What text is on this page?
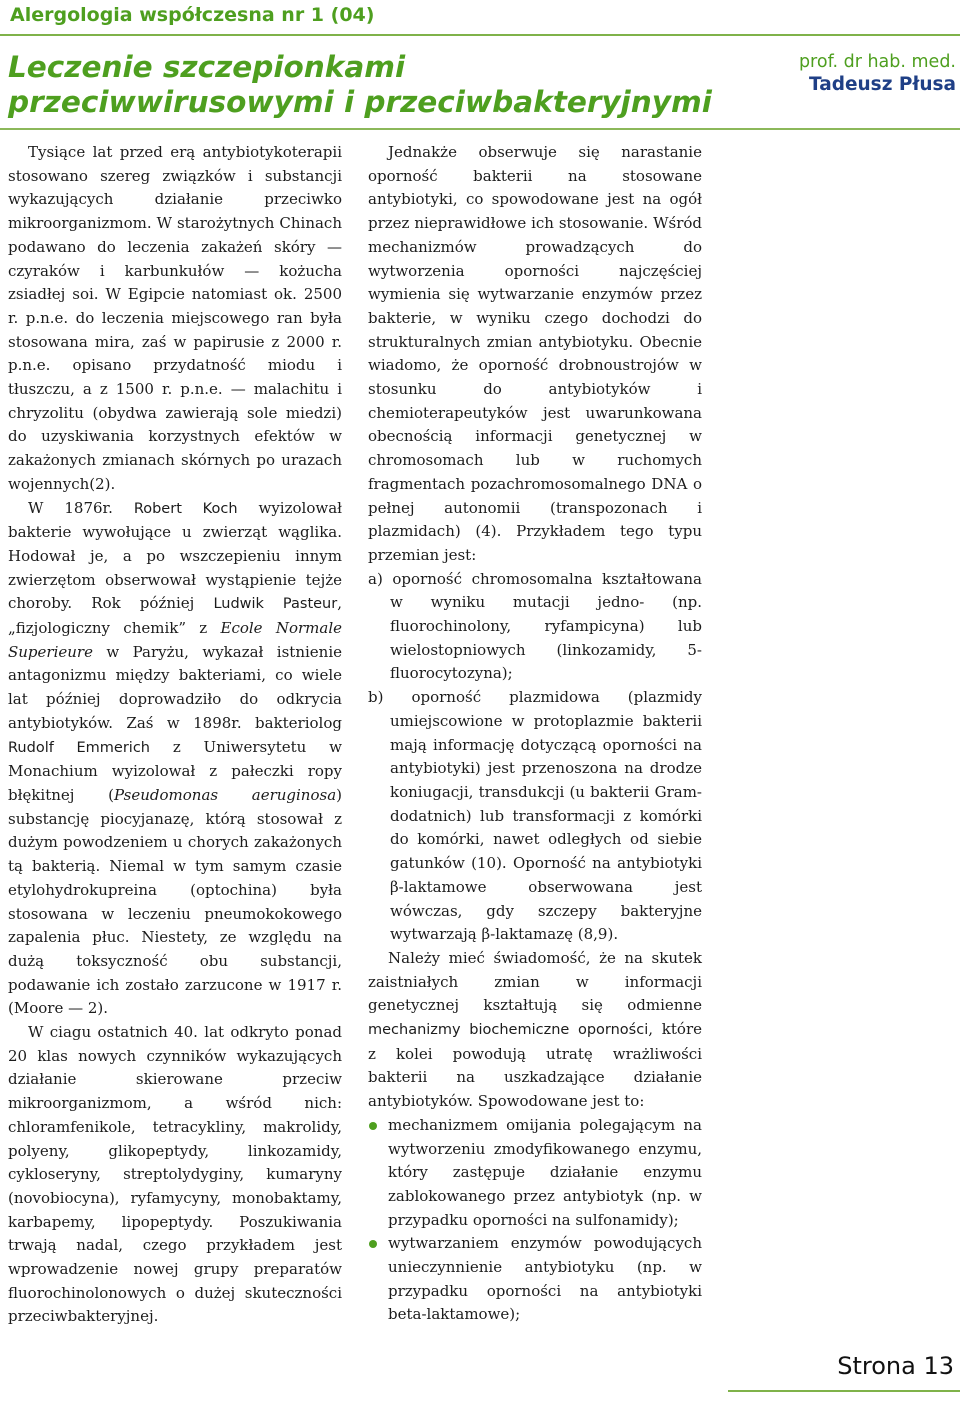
Alergologia współczesna nr 1 (04)
Leczenie szczepionkami
przeciwwirusowymi i przeciwbakteryjnymi
prof. dr hab. med.
Tadeusz Płusa

Tysiące lat przed erą antybiotykoterapii stosowano szereg związków i substancji wykazujących działanie przeciwko mikroorganizmom. W starożytnych Chinach podawano do leczenia zakażeń skóry — czyraków i karbunkułów — kożucha zsiadłej soi. W Egipcie natomiast ok. 2500 r. p.n.e. do leczenia miejscowego ran była stosowana mira, zaś w papirusie z 2000 r. p.n.e. opisano przydatność miodu i tłuszczu, a z 1500 r. p.n.e. — malachitu i chryzolitu (obydwa zawierają sole miedzi) do uzyskiwania korzystnych efektów w zakażonych zmianach skórnych po urazach wojennych(2).

W 1876r. Robert Koch wyizolował bakterie wywołujące u zwierząt wąglika. Hodował je, a po wszczepieniu innym zwierzętom obserwował wystąpienie tejże choroby. Rok później Ludwik Pasteur, „fizjologiczny chemik” z Ecole Normale Superieure w Paryżu, wykazał istnienie antagonizmu między bakteriami, co wiele lat później doprowadziło do odkrycia antybiotyków. Zaś w 1898r. bakteriolog Rudolf Emmerich z Uniwersytetu w Monachium wyizolował z pałeczki ropy błękitnej (Pseudomonas aeruginosa) substancję piocyjanazę, którą stosował z dużym powodzeniem u chorych zakażonych tą bakterią. Niemal w tym samym czasie etylohydrokupreina (optochina) była stosowana w leczeniu pneumokokowego zapalenia płuc. Niestety, ze względu na dużą toksyczność obu substancji, podawanie ich zostało zarzucone w 1917 r. (Moore — 2).

W ciagu ostatnich 40. lat odkryto ponad 20 klas nowych czynników wykazujących działanie skierowane przeciw mikroorganizmom, a wśród nich: chloramfenikole, tetracykliny, makrolidy, polyeny, glikopeptydy, linkozamidy, cykloseryny, streptolydyginy, kumaryny (novobiocyna), ryfamycyny, monobaktamy, karbapemy, lipopeptydy. Poszukiwania trwają nadal, czego przykładem jest wprowadzenie nowej grupy preparatów fluorochinolonowych o dużej skuteczności przeciwbakteryjnej.

Jednakże obserwuje się narastanie oporność bakterii na stosowane antybiotyki, co spowodowane jest na ogół przez nieprawidłowe ich stosowanie. Wśród mechanizmów prowadzących do wytworzenia oporności najczęściej wymienia się wytwarzanie enzymów przez bakterie, w wyniku czego dochodzi do strukturalnych zmian antybiotyku. Obecnie wiadomo, że oporność drobnoustrojów w stosunku do antybiotyków i chemioterapeutyków jest uwarunkowana obecnością informacji genetycznej w chromosomach lub w ruchomych fragmentach pozachromosomalnego DNA o pełnej autonomii (transpozonach i plazmidach) (4). Przykładem tego typu przemian jest:

a) oporność chromosomalna kształtowana w wyniku mutacji jedno- (np. fluorochinolony, ryfampicyna) lub wielostopniowych (linkozamidy, 5-fluorocytozyna);

b) oporność plazmidowa (plazmidy umiejscowione w protoplazmie bakterii mają informację dotyczącą oporności na antybiotyki) jest przenoszona na drodze koniugacji, transdukcji (u bakterii Gram-dodatnich) lub transformacji z komórki do komórki, nawet odległych od siebie gatunków (10). Oporność na antybiotyki β-laktamowe obserwowana jest wówczas, gdy szczepy bakteryjne wytwarzają β-laktamazę (8,9).

Należy mieć świadomość, że na skutek zaistniałych zmian w informacji genetycznej kształtują się odmienne mechanizmy biochemiczne oporności, które z kolei powodują utratę wrażliwości bakterii na uszkadzające działanie antybiotyków. Spowodowane jest to:

mechanizmem omijania polegającym na wytworzeniu zmodyfikowanego enzymu, który zastępuje działanie enzymu zablokowanego przez antybiotyk (np. w przypadku oporności na sulfonamidy);

wytwarzaniem enzymów powodujących unieczynnienie antybiotyku (np. w przypadku oporności na antybiotyki beta-laktamowe);

Strona 13
